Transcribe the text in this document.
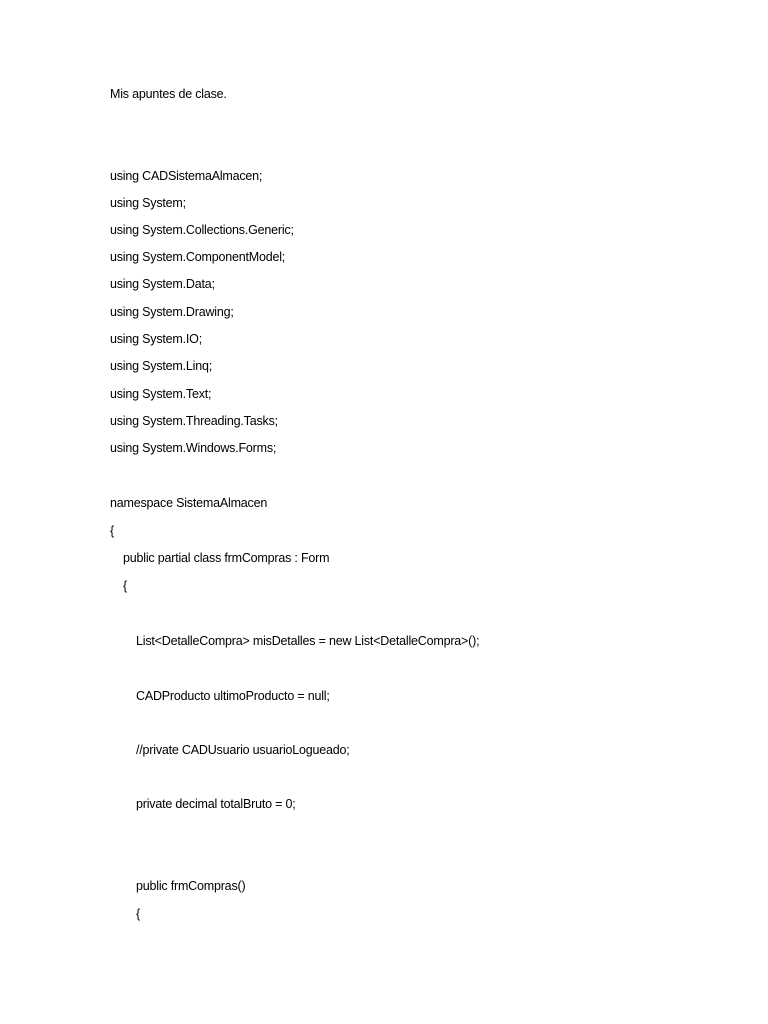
Mis apuntes de clase.
using CADSistemaAlmacen;
using System;
using System.Collections.Generic;
using System.ComponentModel;
using System.Data;
using System.Drawing;
using System.IO;
using System.Linq;
using System.Text;
using System.Threading.Tasks;
using System.Windows.Forms;
namespace SistemaAlmacen
{
public partial class frmCompras : Form
{
List<DetalleCompra> misDetalles = new List<DetalleCompra>();
CADProducto ultimoProducto = null;
//private CADUsuario usuarioLogueado;
private decimal totalBruto = 0;
public frmCompras()
{
